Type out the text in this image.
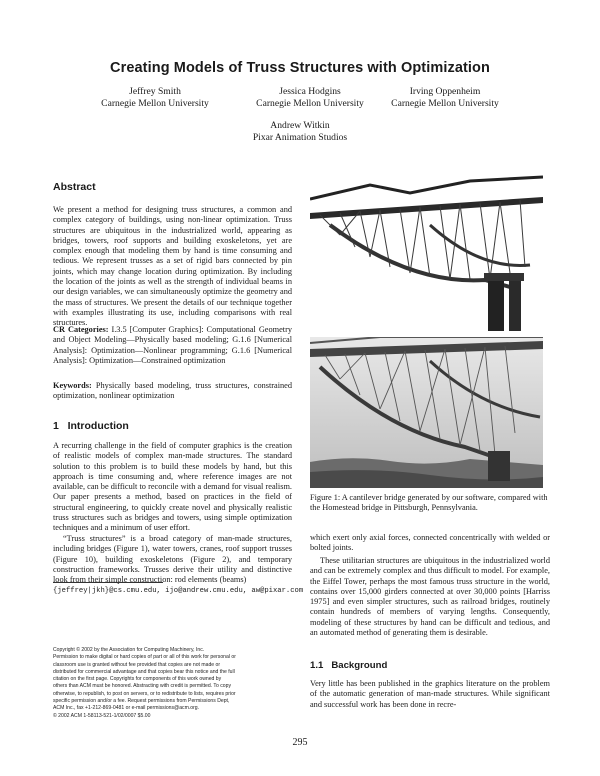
Creating Models of Truss Structures with Optimization
Jeffrey Smith
Carnegie Mellon University
Jessica Hodgins
Carnegie Mellon University
Irving Oppenheim
Carnegie Mellon University
Andrew Witkin
Pixar Animation Studios
Abstract

We present a method for designing truss structures, a common and complex category of buildings, using non-linear optimization. Truss structures are ubiquitous in the industrialized world, appearing as bridges, towers, roof supports and building exoskeletons, yet are complex enough that modeling them by hand is time consuming and tedious. We represent trusses as a set of rigid bars connected by pin joints, which may change location during optimization. By including the location of the joints as well as the strength of individual beams in our design variables, we can simultaneously optimize the geometry and the mass of structures. We present the details of our technique together with examples illustrating its use, including comparisons with real structures.

CR Categories: I.3.5 [Computer Graphics]: Computational Geometry and Object Modeling—Physically based modeling; G.1.6 [Numerical Analysis]: Optimization—Nonlinear programming; G.1.6 [Numerical Analysis]: Optimization—Constrained optimization

Keywords: Physically based modeling, truss structures, constrained optimization, nonlinear optimization

1   Introduction

A recurring challenge in the field of computer graphics is the creation of realistic models of complex man-made structures. The standard solution to this problem is to build these models by hand, but this approach is time consuming and, where reference images are not available, can be difficult to reconcile with a demand for visual realism. Our paper presents a method, based on practices in the field of structural engineering, to quickly create novel and physically realistic truss structures such as bridges and towers, using simple optimization techniques and a minimum of user effort.

“Truss structures” is a broad category of man-made structures, including bridges (Figure 1), water towers, cranes, roof support trusses (Figure 10), building exoskeletons (Figure 2), and temporary construction frameworks. Trusses derive their utility and distinctive look from their simple construction: rod elements (beams)

{jeffrey|jkh}@cs.cmu.edu, ijo@andrew.cmu.edu, aw@pixar.com
Copyright © 2002 by the Association for Computing Machinery, Inc.
Permission to make digital or hard copies of part or all of this work for personal or
classroom use is granted without fee provided that copies are not made or
distributed for commercial advantage and that copies bear this notice and the full
citation on the first page. Copyrights for components of this work owned by
others than ACM must be honored. Abstracting with credit is permitted. To copy
otherwise, to republish, to post on servers, or to redistribute to lists, requires prior
specific permission and/or a fee. Request permissions from Permissions Dept,
ACM Inc., fax +1-212-869-0481 or e-mail permissions@acm.org.
© 2002 ACM 1-58113-521-1/02/0007 $5.00
Figure 1: A cantilever bridge generated by our software, compared with the Homestead bridge in Pittsburgh, Pennsylvania.

which exert only axial forces, connected concentrically with welded or bolted joints.

These utilitarian structures are ubiquitous in the industrialized world and can be extremely complex and thus difficult to model. For example, the Eiffel Tower, perhaps the most famous truss structure in the world, contains over 15,000 girders connected at over 30,000 points [Harriss 1975] and even simpler structures, such as railroad bridges, routinely contain hundreds of members of varying lengths. Consequently, modeling of these structures by hand can be difficult and tedious, and an automated method of generating them is desirable.

1.1   Background

Very little has been published in the graphics literature on the problem of the automatic generation of man-made structures. While significant and successful work has been done in recre-

295
